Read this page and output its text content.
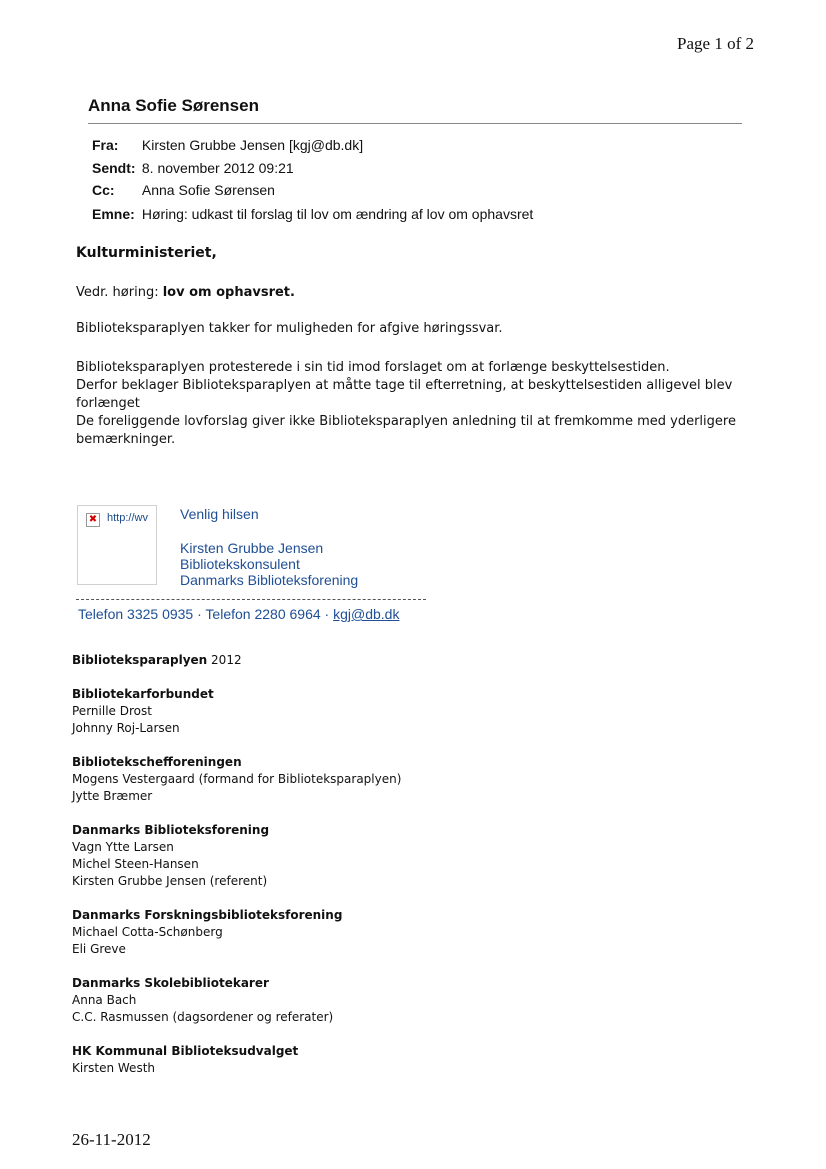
Page 1 of 2
Anna Sofie Sørensen
Fra: Kirsten Grubbe Jensen [kgj@db.dk]
Sendt: 8. november 2012 09:21
Cc: Anna Sofie Sørensen
Emne: Høring: udkast til forslag til lov om ændring af lov om ophavsret
Kulturministeriet,
Vedr. høring: lov om ophavsret.
Biblioteksparaplyen takker for muligheden for afgive høringssvar.
Biblioteksparaplyen protesterede i sin tid imod forslaget om at forlænge beskyttelsestiden.
Derfor beklager Biblioteksparaplyen at måtte tage til efterretning, at beskyttelsestiden alligevel blev
forlænget
De foreliggende lovforslag giver ikke Biblioteksparaplyen anledning til at fremkomme med yderligere
bemærkninger.
✖ http://wv Venlig hilsen
Kirsten Grubbe Jensen
Bibliotekskonsulent
Danmarks Biblioteksforening
Telefon 3325 0935 · Telefon 2280 6964 · kgj@db.dk
Biblioteksparaplyen 2012
Bibliotekarforbundet
Pernille Drost
Johnny Roj-Larsen
Bibliotekschefforeningen
Mogens Vestergaard (formand for Biblioteksparaplyen)
Jytte Bræmer
Danmarks Biblioteksforening
Vagn Ytte Larsen
Michel Steen-Hansen
Kirsten Grubbe Jensen (referent)
Danmarks Forskningsbiblioteksforening
Michael Cotta-Schønberg
Eli Greve
Danmarks Skolebibliotekarer
Anna Bach
C.C. Rasmussen (dagsordener og referater)
HK Kommunal Biblioteksudvalget
Kirsten Westh
26-11-2012
